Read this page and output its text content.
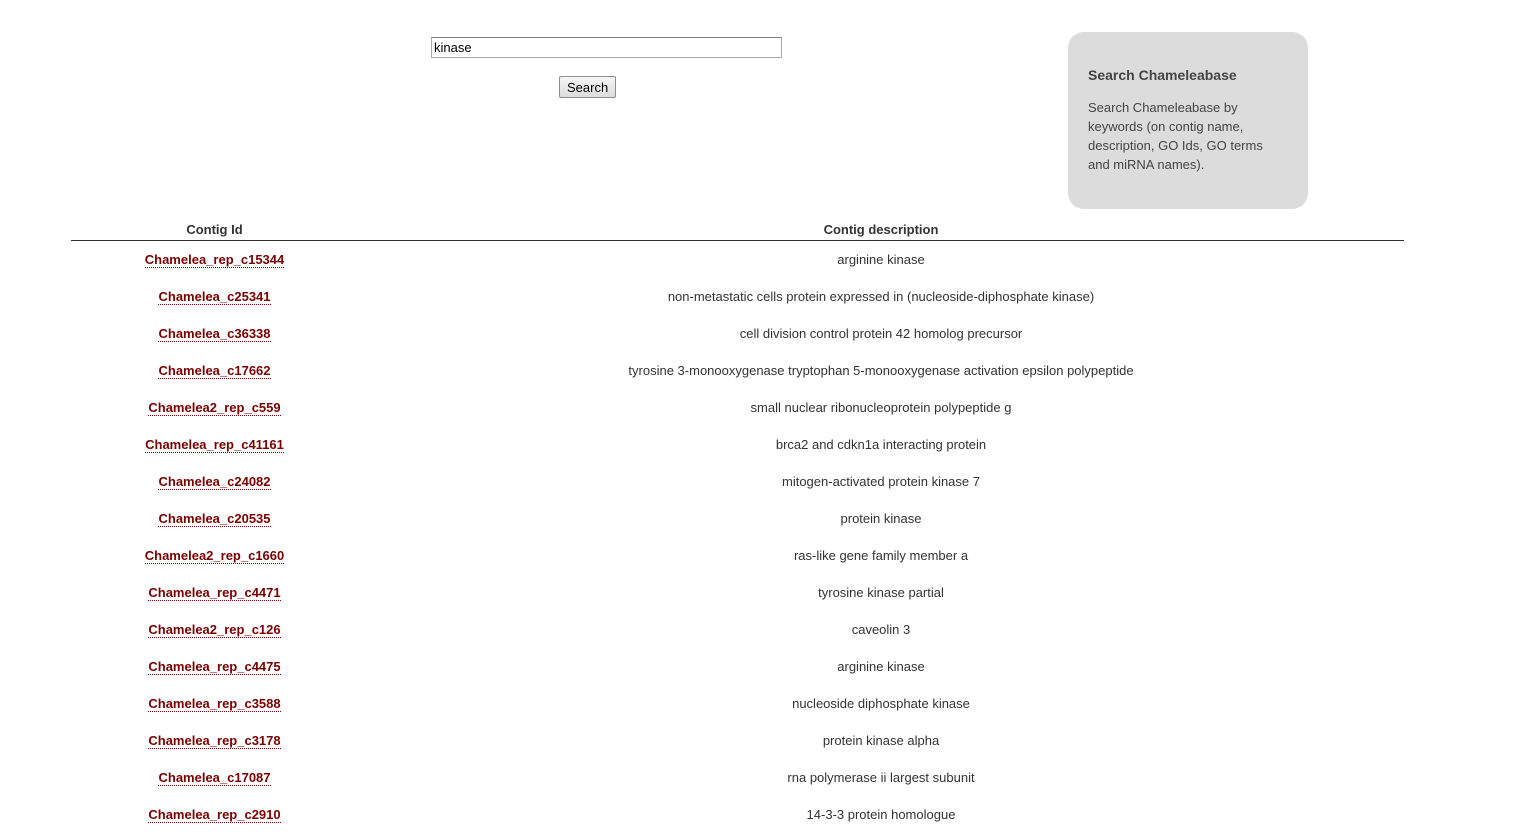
kinase
Search
Search Chameleabase

Search Chameleabase by keywords (on contig name, description, GO Ids, GO terms and miRNA names).

Contig Id	Contig description
Chamelea_rep_c15344	arginine kinase
Chamelea_c25341	non-metastatic cells protein expressed in (nucleoside-diphosphate kinase)
Chamelea_c36338	cell division control protein 42 homolog precursor
Chamelea_c17662	tyrosine 3-monooxygenase tryptophan 5-monooxygenase activation epsilon polypeptide
Chamelea2_rep_c559	small nuclear ribonucleoprotein polypeptide g
Chamelea_rep_c41161	brca2 and cdkn1a interacting protein
Chamelea_c24082	mitogen-activated protein kinase 7
Chamelea_c20535	protein kinase
Chamelea2_rep_c1660	ras-like gene family member a
Chamelea_rep_c4471	tyrosine kinase partial
Chamelea2_rep_c126	caveolin 3
Chamelea_rep_c4475	arginine kinase
Chamelea_rep_c3588	nucleoside diphosphate kinase
Chamelea_rep_c3178	protein kinase alpha
Chamelea_c17087	rna polymerase ii largest subunit
Chamelea_rep_c2910	14-3-3 protein homologue
